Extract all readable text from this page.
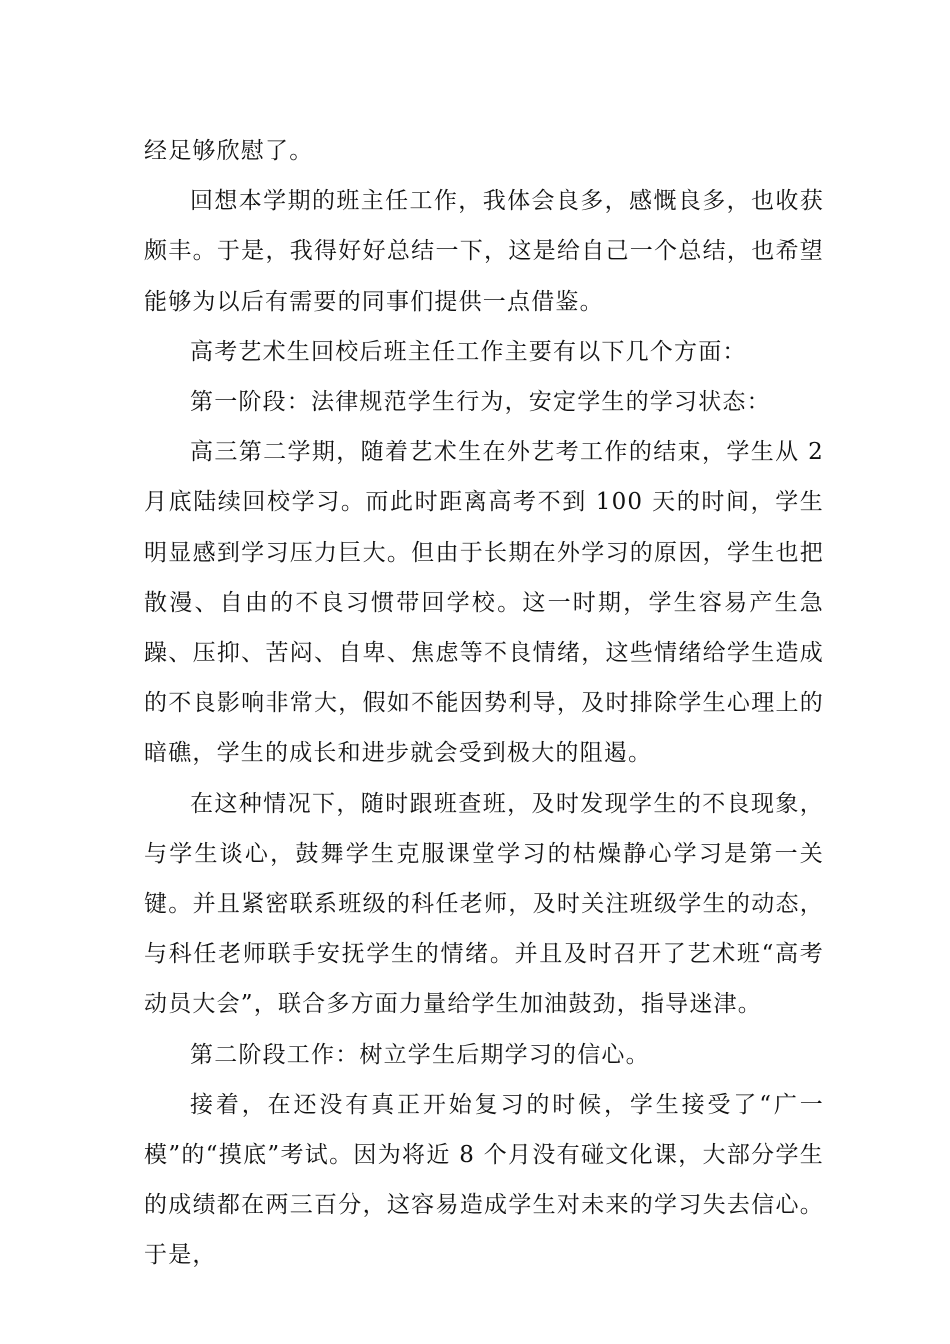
经足够欣慰了。

回想本学期的班主任工作，我体会良多，感慨良多，也收获颇丰。于是，我得好好总结一下，这是给自己一个总结，也希望能够为以后有需要的同事们提供一点借鉴。

高考艺术生回校后班主任工作主要有以下几个方面：

第一阶段：法律规范学生行为，安定学生的学习状态：

高三第二学期，随着艺术生在外艺考工作的结束，学生从 2 月底陆续回校学习。而此时距离高考不到 100 天的时间，学生明显感到学习压力巨大。但由于长期在外学习的原因，学生也把散漫、自由的不良习惯带回学校。这一时期，学生容易产生急躁、压抑、苦闷、自卑、焦虑等不良情绪，这些情绪给学生造成的不良影响非常大，假如不能因势利导，及时排除学生心理上的暗礁，学生的成长和进步就会受到极大的阻遏。

在这种情况下，随时跟班查班，及时发现学生的不良现象，与学生谈心，鼓舞学生克服课堂学习的枯燥静心学习是第一关键。并且紧密联系班级的科任老师，及时关注班级学生的动态，与科任老师联手安抚学生的情绪。并且及时召开了艺术班“高考动员大会”，联合多方面力量给学生加油鼓劲，指导迷津。

第二阶段工作：树立学生后期学习的信心。

接着，在还没有真正开始复习的时候，学生接受了“广一模”的“摸底”考试。因为将近 8 个月没有碰文化课，大部分学生的成绩都在两三百分，这容易造成学生对未来的学习失去信心。于是，
